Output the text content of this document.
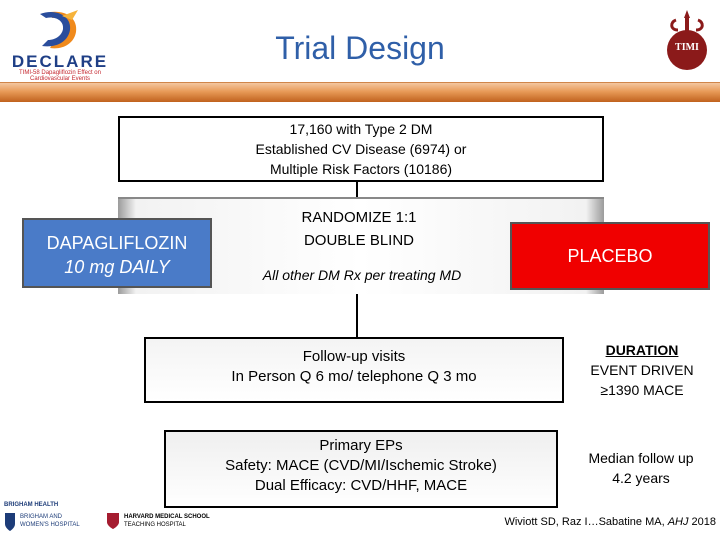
DECLARE
TIMI-58 Dapagliflozin Effect on Cardiovascular Events
Trial Design	TIMI
17,160 with Type 2 DM
Established CV Disease (6974) or
Multiple Risk Factors (10186)
RANDOMIZE 1:1
DOUBLE BLIND
All other DM Rx per treating MD
DAPAGLIFLOZIN
10 mg DAILY
PLACEBO
Follow-up visits
In Person Q 6 mo/ telephone Q 3 mo
Primary EPs
Safety: MACE (CVD/MI/Ischemic Stroke)
Dual Efficacy: CVD/HHF, MACE
DURATION
EVENT DRIVEN
≥1390 MACE
Median follow up
4.2 years
BRIGHAM HEALTH
BRIGHAM AND
WOMEN'S HOSPITAL
HARVARD MEDICAL SCHOOL
TEACHING HOSPITAL	Wiviott SD, Raz I…Sabatine MA, AHJ 2018
